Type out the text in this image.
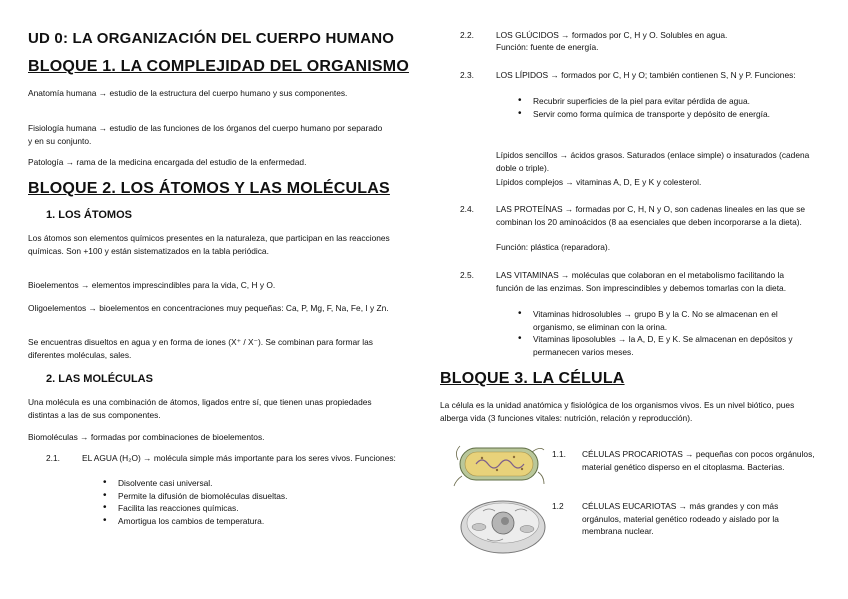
UD 0: LA ORGANIZACIÓN DEL CUERPO HUMANO
BLOQUE 1. LA COMPLEJIDAD DEL ORGANISMO

Anatomía humana → estudio de la estructura del cuerpo humano y sus componentes.

Fisiología humana → estudio de las funciones de los órganos del cuerpo humano por separado y en su conjunto.

Patología → rama de la medicina encargada del estudio de la enfermedad.

BLOQUE 2. LOS ÁTOMOS Y LAS MOLÉCULAS
1. LOS ÁTOMOS

Los átomos son elementos químicos presentes en la naturaleza, que participan en las reacciones químicas. Son +100 y están sistematizados en la tabla periódica.

Bioelementos → elementos imprescindibles para la vida, C, H y O.

Oligoelementos → bioelementos en concentraciones muy pequeñas: Ca, P, Mg, F, Na, Fe, I y Zn.

Se encuentras disueltos en agua y en forma de iones (X⁺ / X⁻). Se combinan para formar las diferentes moléculas, sales.

2. LAS MOLÉCULAS

Una molécula es una combinación de átomos, ligados entre sí, que tienen unas propiedades distintas a las de sus componentes.

Biomoléculas → formadas por combinaciones de bioelementos.

2.1.	EL AGUA (H₂O) → molécula simple más importante para los seres vivos. Funciones:

• Disolvente casi universal.
• Permite la difusión de biomoléculas disueltas.
• Facilita las reacciones químicas.
• Amortigua los cambios de temperatura.
2.2.	LOS GLÚCIDOS → formados por C, H y O. Solubles en agua.

Función: fuente de energía.

2.3.	LOS LÍPIDOS → formados por C, H y O; también contienen S, N y P. Funciones:

• Recubrir superficies de la piel para evitar pérdida de agua.
• Servir como forma química de transporte y depósito de energía.

Lípidos sencillos → ácidos grasos. Saturados (enlace simple) o insaturados (cadena doble o triple).

Lípidos complejos → vitaminas A, D, E y K y colesterol.

2.4.	LAS PROTEÍNAS → formadas por C, H, N y O, son cadenas lineales en las que se combinan los 20 aminoácidos (8 aa esenciales que deben incorporarse a la dieta).

Función: plástica (reparadora).

2.5.	LAS VITAMINAS → moléculas que colaboran en el metabolismo facilitando la función de las enzimas. Son imprescindibles y debemos tomarlas con la dieta.

• Vitaminas hidrosolubles → grupo B y la C. No se almacenan en el organismo, se eliminan con la orina.
• Vitaminas liposolubles → la A, D, E y K. Se almacenan en depósitos y permanecen varios meses.
BLOQUE 3. LA CÉLULA

La célula es la unidad anatómica y fisiológica de los organismos vivos. Es un nivel biótico, pues alberga vida (3 funciones vitales: nutrición, relación y reproducción).

1.1. CÉLULAS PROCARIOTAS → pequeñas con pocos orgánulos, material genético disperso en el citoplasma. Bacterias.

1.2 CÉLULAS EUCARIOTAS → más grandes y con más orgánulos, material genético rodeado y aislado por la membrana nuclear.
